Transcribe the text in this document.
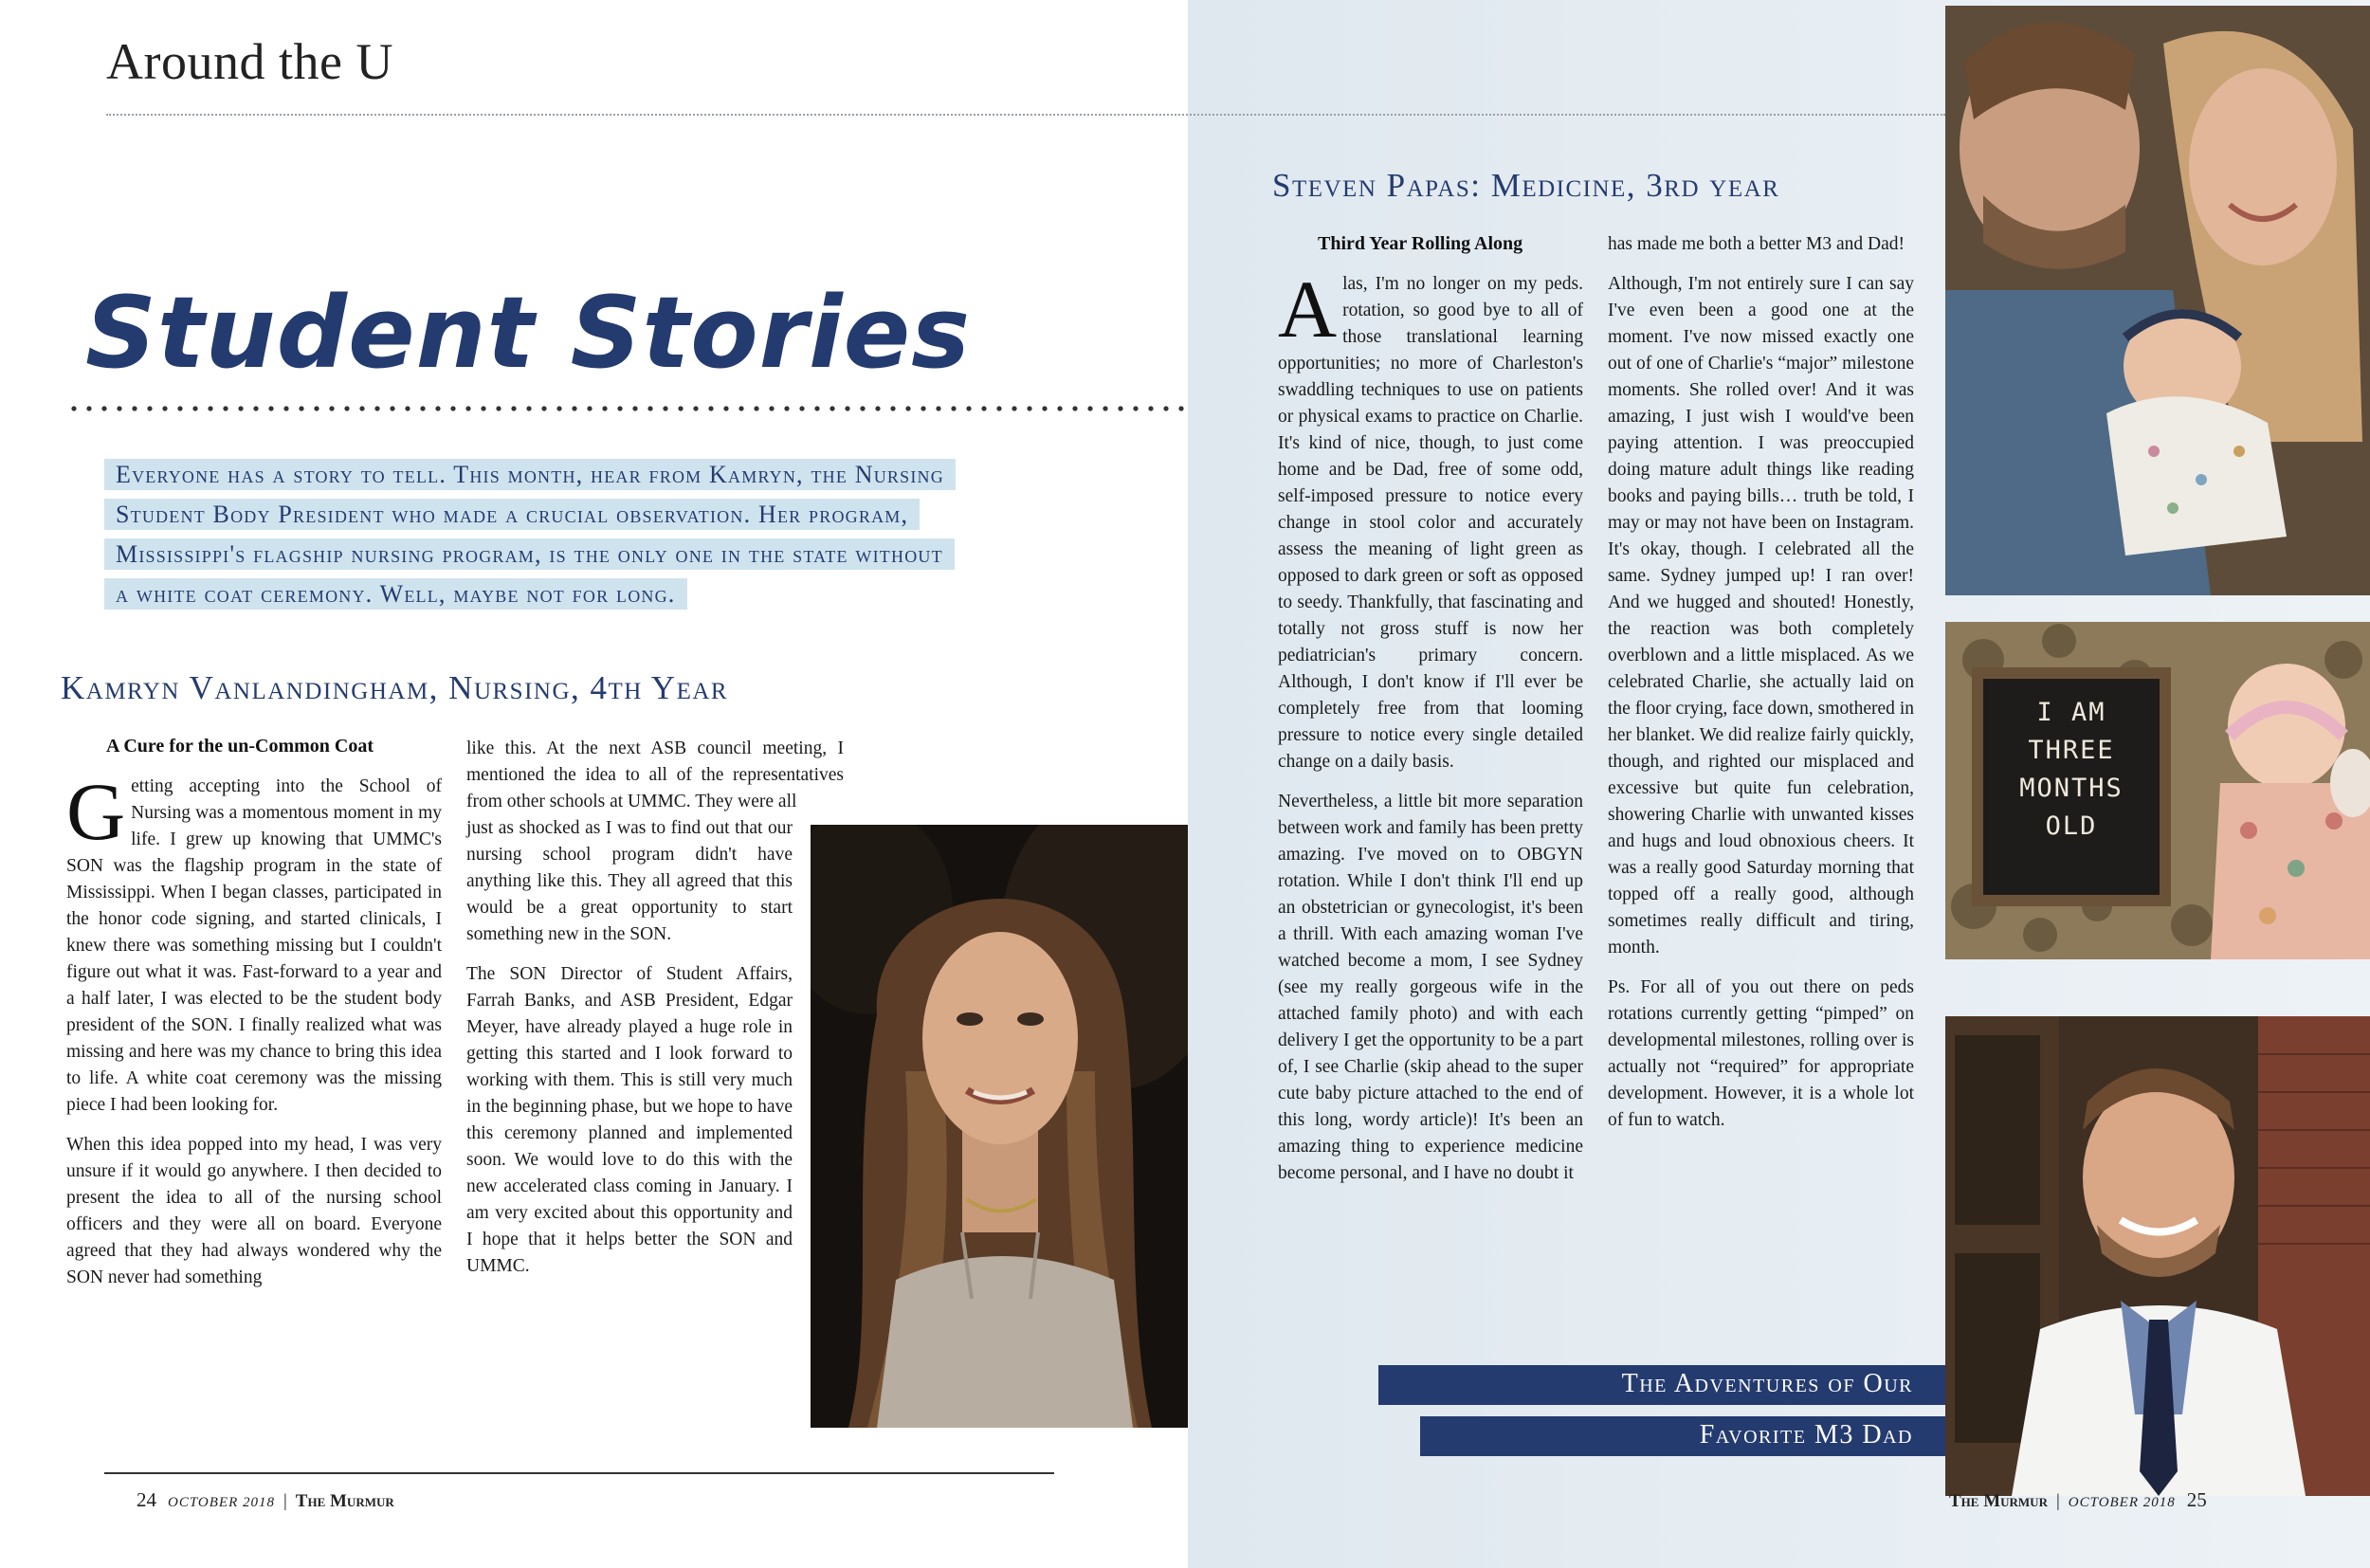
Around the U
Student Stories
Everyone has a story to tell. This month, hear from Kamryn, the Nursing
Student Body President who made a crucial observation. Her program,
Mississippi's flagship nursing program, is the only one in the state without
a white coat ceremony. Well, maybe not for long.
Kamryn Vanlandingham, Nursing, 4th Year
A Cure for the un-Common Coat

Getting accepting into the School of Nursing was a momentous moment in my life. I grew up knowing that UMMC's SON was the flagship program in the state of Mississippi. When I began classes, participated in the honor code signing, and started clinicals, I knew there was something missing but I couldn't figure out what it was. Fast-forward to a year and a half later, I was elected to be the student body president of the SON. I finally realized what was missing and here was my chance to bring this idea to life. A white coat ceremony was the missing piece I had been looking for.

When this idea popped into my head, I was very unsure if it would go anywhere. I then decided to present the idea to all of the nursing school officers and they were all on board. Everyone agreed that they had always wondered why the SON never had something

like this. At the next ASB council meeting, I mentioned the idea to all of the representatives from other schools at UMMC. They were all

just as shocked as I was to find out that our nursing school program didn't have anything like this. They all agreed that this would be a great opportunity to start something new in the SON.

The SON Director of Student Affairs, Farrah Banks, and ASB President, Edgar Meyer, have already played a huge role in getting this started and I look forward to working with them. This is still very much in the beginning phase, but we hope to have this ceremony planned and implemented soon. We would love to do this with the new accelerated class coming in January. I am very excited about this opportunity and I hope that it helps better the SON and UMMC.

24 OCTOBER 2018 | The Murmur
Steven Papas: Medicine, 3rd year
Third Year Rolling Along

Alas, I'm no longer on my peds. rotation, so good bye to all of those translational learning opportunities; no more of Charleston's swaddling techniques to use on patients or physical exams to practice on Charlie. It's kind of nice, though, to just come home and be Dad, free of some odd, self-imposed pressure to notice every change in stool color and accurately assess the meaning of light green as opposed to dark green or soft as opposed to seedy. Thankfully, that fascinating and totally not gross stuff is now her pediatrician's primary concern. Although, I don't know if I'll ever be completely free from that looming pressure to notice every single detailed change on a daily basis.

Nevertheless, a little bit more separation between work and family has been pretty amazing. I've moved on to OBGYN rotation. While I don't think I'll end up an obstetrician or gynecologist, it's been a thrill. With each amazing woman I've watched become a mom, I see Sydney (see my really gorgeous wife in the attached family photo) and with each delivery I get the opportunity to be a part of, I see Charlie (skip ahead to the super cute baby picture attached to the end of this long, wordy article)! It's been an amazing thing to experience medicine become personal, and I have no doubt it

has made me both a better M3 and Dad!

Although, I'm not entirely sure I can say I've even been a good one at the moment. I've now missed exactly one out of one of Charlie's “major” milestone moments. She rolled over! And it was amazing, I just wish I would've been paying attention. I was preoccupied doing mature adult things like reading books and paying bills… truth be told, I may or may not have been on Instagram. It's okay, though. I celebrated all the same. Sydney jumped up! I ran over! And we hugged and shouted! Honestly, the reaction was both completely overblown and a little misplaced. As we celebrated Charlie, she actually laid on the floor crying, face down, smothered in her blanket. We did realize fairly quickly, though, and righted our misplaced and excessive but quite fun celebration, showering Charlie with unwanted kisses and hugs and loud obnoxious cheers. It was a really good Saturday morning that topped off a really good, although sometimes really difficult and tiring, month.

Ps. For all of you out there on peds rotations currently getting “pimped” on developmental milestones, rolling over is actually not “required” for appropriate development. However, it is a whole lot of fun to watch.

I AM
THREE
MONTHS
OLD
The Adventures of Our
Favorite M3 Dad
The Murmur | OCTOBER 2018 25
